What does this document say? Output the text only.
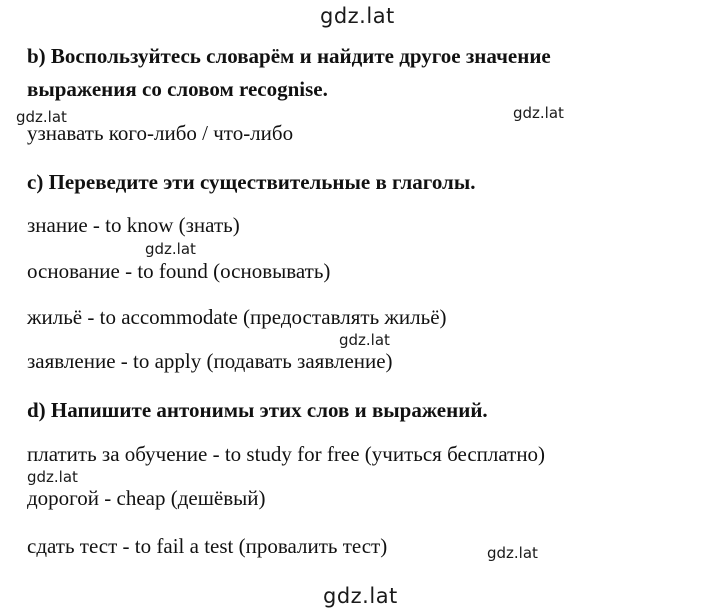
gdz.lat
gdz.lat	gdz.lat
gdz.lat
gdz.lat
gdz.lat
gdz.lat
gdz.lat
b) Воспользуйтесь словарём и найдите другое значение
выражения со словом recognise.
узнавать кого-либо / что-либо
c) Переведите эти существительные в глаголы.
знание - to know (знать)
основание - to found (основывать)
жильё - to accommodate (предоставлять жильё)
заявление - to apply (подавать заявление)
d) Напишите антонимы этих слов и выражений.
платить за обучение - to study for free (учиться бесплатно)
дорогой - cheap (дешёвый)
сдать тест - to fail a test (провалить тест)
